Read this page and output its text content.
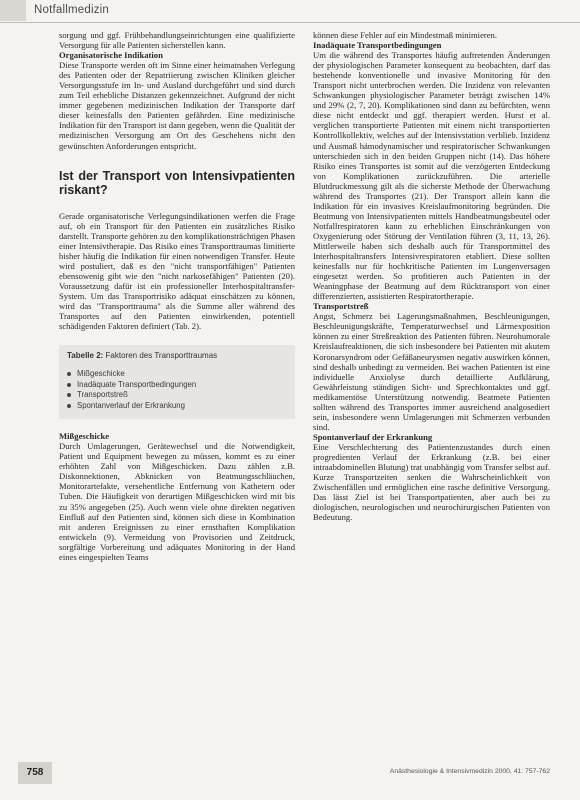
Notfallmedizin

sorgung und ggf. Frühbehandlungseinrichtungen eine qualifizierte Versorgung für alle Patienten sicherstellen kann.

Organisatorische Indikation

Diese Transporte werden oft im Sinne einer heimatnahen Verlegung des Patienten oder der Repatriierung zwischen Kliniken gleicher Versorgungsstufe im In- und Ausland durchgeführt und sind durch zum Teil erhebliche Distanzen gekennzeichnet. Aufgrund der nicht immer gegebenen medizinischen Indikation der Transporte darf dieser keinesfalls den Patienten gefährden. Eine medizinische Indikation für den Transport ist dann gegeben, wenn die Qualität der medizinischen Versorgung am Ort des Geschehens nicht den gewünschten Anforderungen entspricht.

Ist der Transport von Intensivpatienten riskant?

Gerade organisatorische Verlegungsindikationen werfen die Frage auf, ob ein Transport für den Patienten ein zusätzliches Risiko darstellt. Transporte gehören zu den komplikationsträchtigen Phasen einer Intensivtherapie. Das Risiko eines Transporttraumas limitierte bisher häufig die Indikation für einen notwendigen Transfer. Heute wird postuliert, daß es den "nicht transportfähigen" Patienten ebensowenig gibt wie den "nicht narkosefähigen" Patienten (20). Voraussetzung dafür ist ein professioneller Interhospitaltransfer-System. Um das Transportrisiko adäquat einschätzen zu können, wird das "Transporttrauma" als die Summe aller während des Transportes auf den Patienten einwirkenden, potentiell schädigenden Faktoren definiert (Tab. 2).

Tabelle 2: Faktoren des Transporttraumas
Mißgeschicke
Inadäquate Transportbedingungen
Transportstreß
Spontanverlauf der Erkrankung

Mißgeschicke

Durch Umlagerungen, Gerätewechsel und die Notwendigkeit, Patient und Equipment bewegen zu müssen, kommt es zu einer erhöhten Zahl von Mißgeschicken. Dazu zählen z.B. Diskonnektionen, Abknicken von Beatmungsschläuchen, Monitorartefakte, versehentliche Entfernung von Kathetern oder Tuben. Die Häufigkeit von derartigen Mißgeschicken wird mit bis zu 35% angegeben (25). Auch wenn viele ohne direkten negativen Einfluß auf den Patienten sind, können sich diese in Kombination mit anderen Ereignissen zu einer ernsthaften Komplikation entwickeln (9). Vermeidung von Provisorien und Zeitdruck, sorgfältige Vorbereitung und adäquates Monitoring in der Hand eines eingespielten Teams

können diese Fehler auf ein Mindestmaß minimieren.

Inadäquate Transportbedingungen

Um die während des Transportes häufig auftretenden Änderungen der physiologischen Parameter konsequent zu beobachten, darf das bestehende konventionelle und invasive Monitoring für den Transport nicht unterbrochen werden. Die Inzidenz von relevanten Schwankungen physiologischer Parameter beträgt zwischen 14% und 29% (2, 7, 20). Komplikationen sind dann zu befürchten, wenn diese nicht entdeckt und ggf. therapiert werden. Hurst et al. verglichen transportierte Patienten mit einem nicht transportierten Kontrollkollektiv, welches auf der Intensivstation verblieb. Inzidenz und Ausmaß hämodynamischer und respiratorischer Schwankungen unterschieden sich in den beiden Gruppen nicht (14). Das höhere Risiko eines Transportes ist somit auf die verzögerten Entdeckung von Komplikationen zurückzuführen. Die arterielle Blutdruckmessung gilt als die sicherste Methode der Überwachung während des Transportes (21). Der Transport allein kann die Indikation für ein invasives Kreislaufmonitoring begründen. Die Beatmung von Intensivpatienten mittels Handbeatmungsbeutel oder Notfallrespiratoren kann zu erheblichen Einschränkungen von Oxygenierung oder Störung der Ventilation führen (3, 11, 13, 26). Mittlerweile haben sich deshalb auch für Transportmittel des Interhospitaltransfers Intensivrespiratoren etabliert. Diese sollten keinesfalls nur für hochkritische Patienten im Lungenversagen eingesetzt werden. So profitieren auch Patienten in der Weaningphase der Beatmung auf dem Rücktransport von einer differenzierten, assistierten Respiratortherapie.

Transportstreß

Angst, Schmerz bei Lagerungsmaßnahmen, Beschleunigungen, Beschleunigungskräfte, Temperaturwechsel und Lärmexposition können zu einer Streßreaktion des Patienten führen. Neurohumorale Kreislaufreaktionen, die sich insbesondere bei Patienten mit akutem Koronarsyndrom oder Gefäßaneurysmen negativ auswirken können, sind deshalb unbedingt zu vermeiden. Bei wachen Patienten ist eine individuelle Anxiolyse durch detaillierte Aufklärung, Gewährleistung ständigen Sicht- und Sprechkontaktes und ggf. medikamentöse Unterstützung notwendig. Beatmete Patienten sollten während des Transportes immer ausreichend analgosediert sein, insbesondere wenn Umlagerungen mit Schmerzen verbunden sind.

Spontanverlauf der Erkrankung

Eine Verschlechterung des Patientenzustandes durch einen progredienten Verlauf der Erkrankung (z.B. bei einer intraabdominellen Blutung) trat unabhängig vom Transfer selbst auf. Kurze Transportzeiten senken die Wahrscheinlichkeit von Zwischenfällen und ermöglichen eine rasche definitive Versorgung. Das lässt Ziel ist bei Transportpatienten, aber auch bei zu diologischen, neurologischen und neurochirurgischen Patienten von Bedeutung.

758	Anästhesiologie & Intensivmedizin 2000, 41: 757-762
